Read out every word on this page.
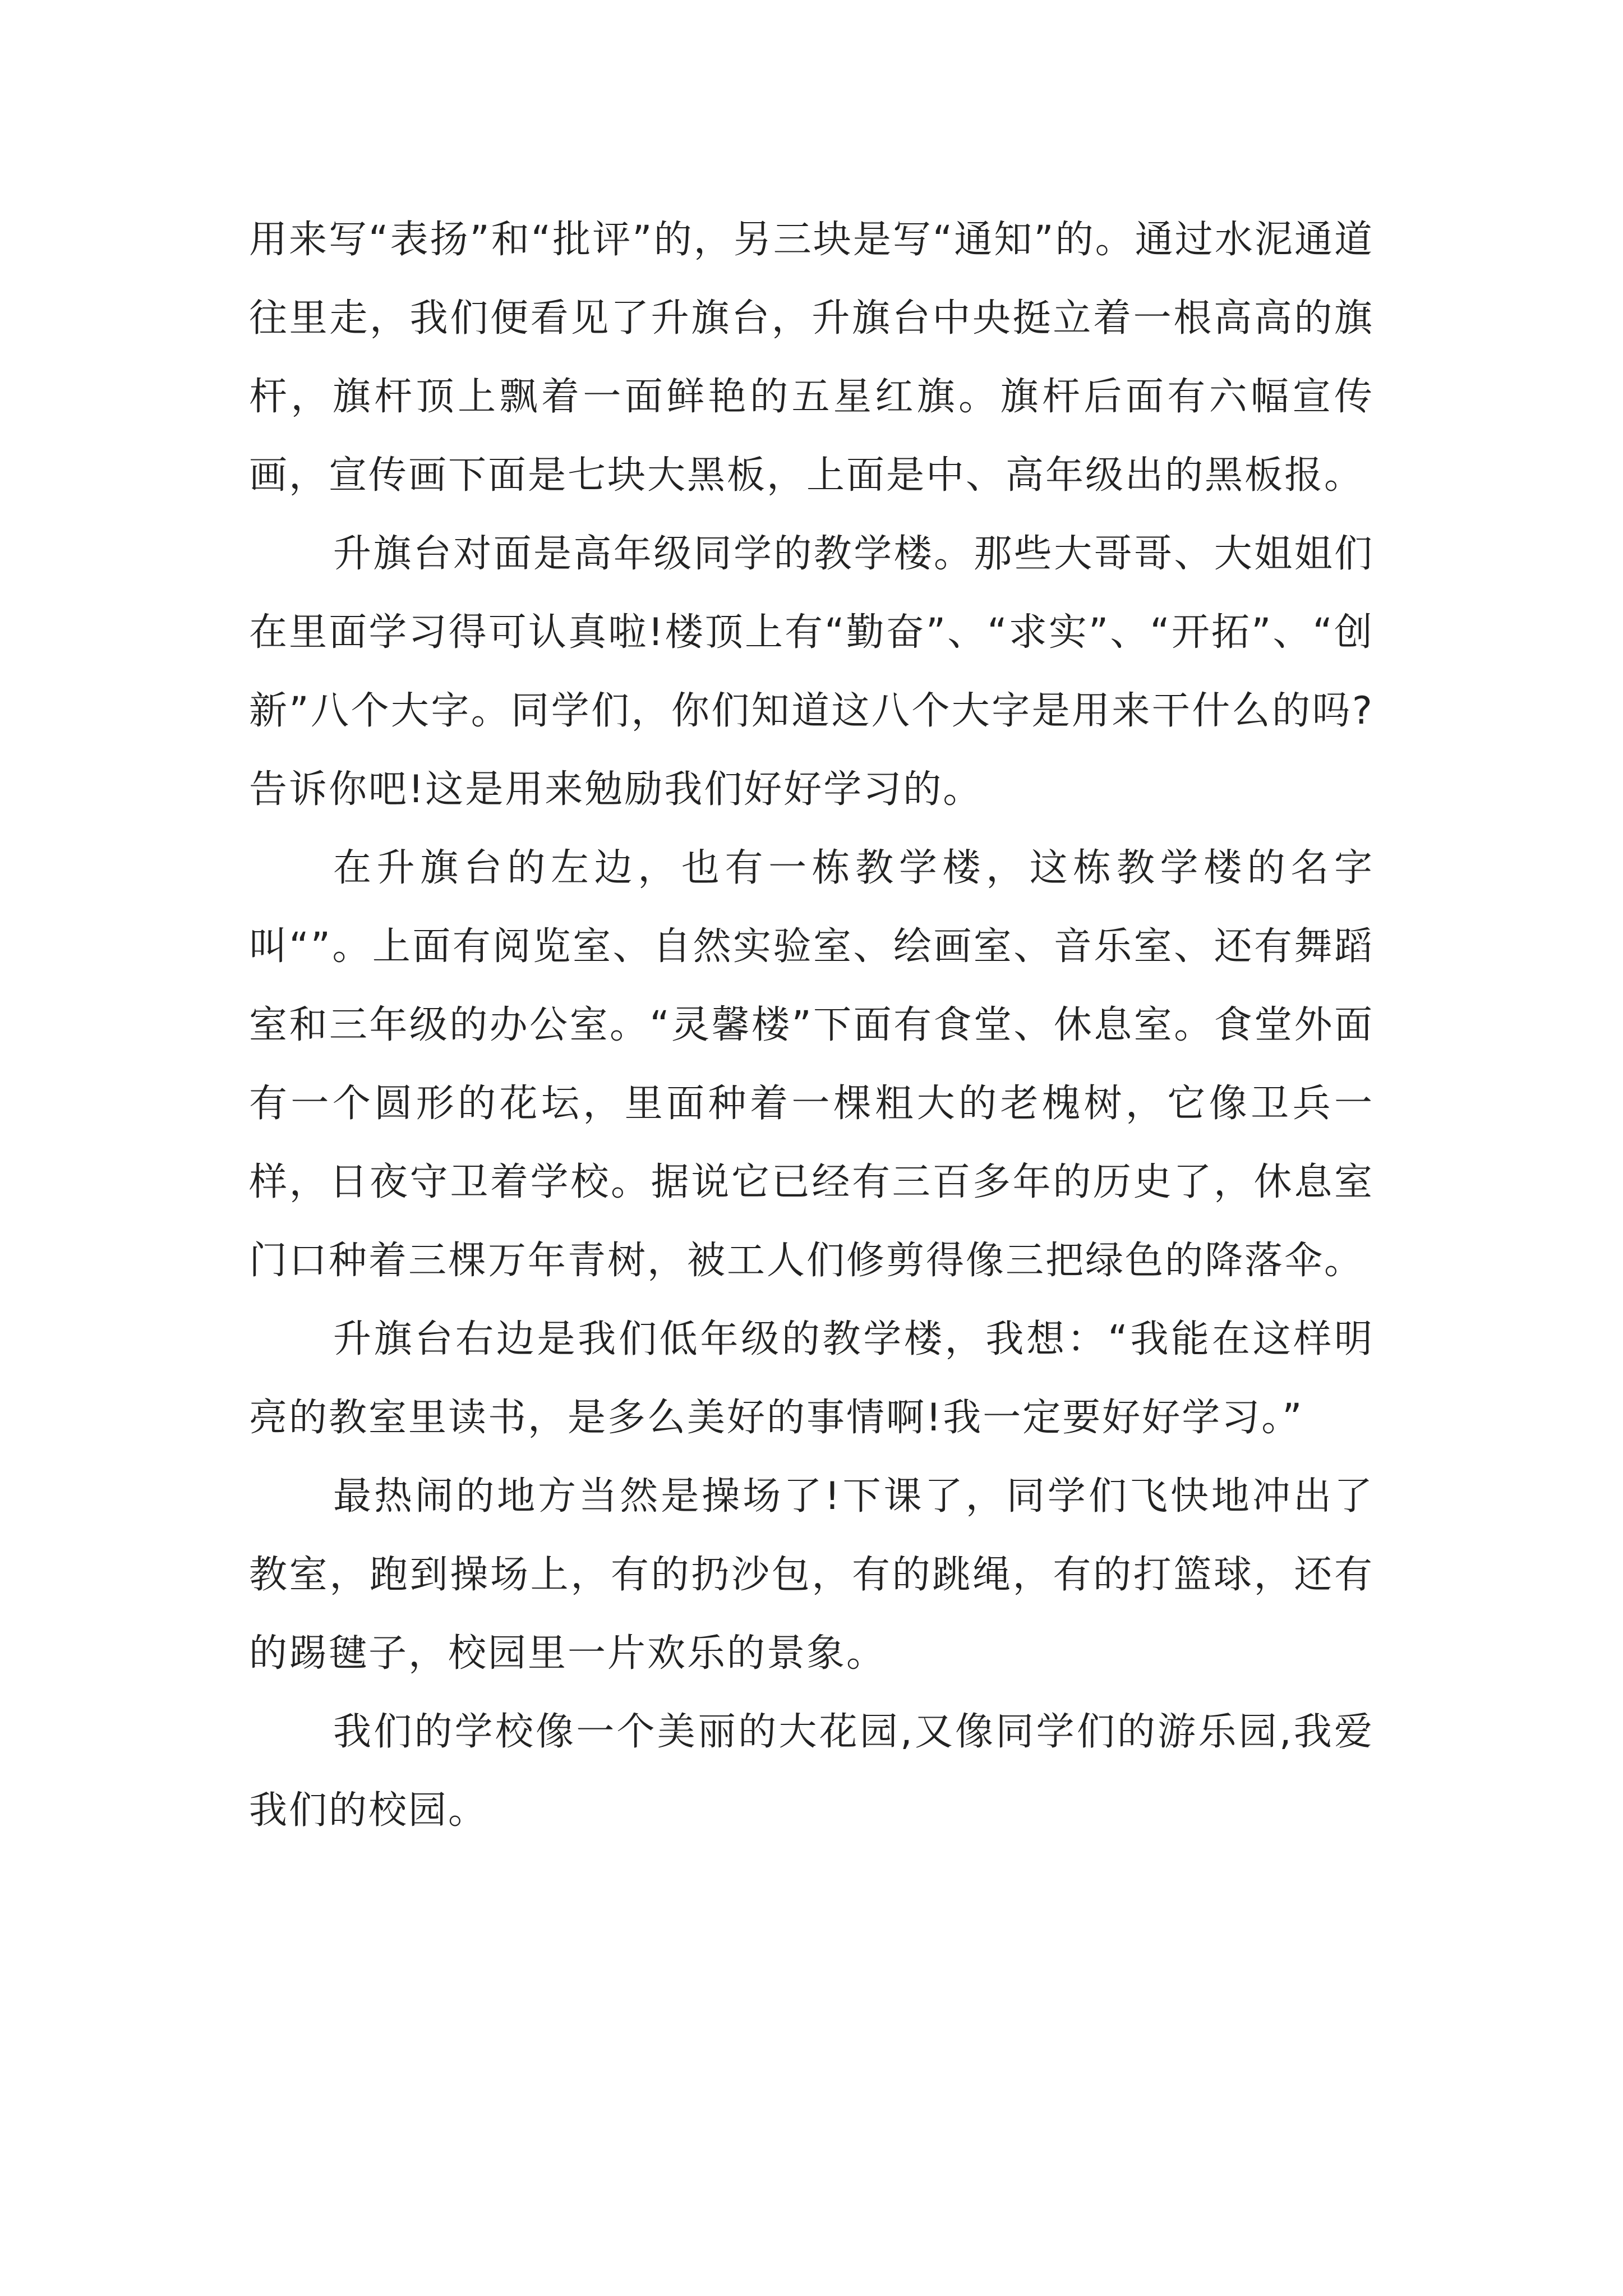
用来写“表扬”和“批评”的，另三块是写“通知”的。通过水泥通道往里走，我们便看见了升旗台，升旗台中央挺立着一根高高的旗杆，旗杆顶上飘着一面鲜艳的五星红旗。旗杆后面有六幅宣传画，宣传画下面是七块大黑板，上面是中、高年级出的黑板报。

升旗台对面是高年级同学的教学楼。那些大哥哥、大姐姐们在里面学习得可认真啦!楼顶上有“勤奋”、“求实”、“开拓”、“创新”八个大字。同学们，你们知道这八个大字是用来干什么的吗?告诉你吧!这是用来勉励我们好好学习的。

在升旗台的左边，也有一栋教学楼，这栋教学楼的名字叫“”。上面有阅览室、自然实验室、绘画室、音乐室、还有舞蹈室和三年级的办公室。“灵馨楼”下面有食堂、休息室。食堂外面有一个圆形的花坛，里面种着一棵粗大的老槐树，它像卫兵一样，日夜守卫着学校。据说它已经有三百多年的历史了，休息室门口种着三棵万年青树，被工人们修剪得像三把绿色的降落伞。

升旗台右边是我们低年级的教学楼，我想：“我能在这样明亮的教室里读书，是多么美好的事情啊!我一定要好好学习。”

最热闹的地方当然是操场了!下课了，同学们飞快地冲出了教室，跑到操场上，有的扔沙包，有的跳绳，有的打篮球，还有的踢毽子，校园里一片欢乐的景象。

我们的学校像一个美丽的大花园,又像同学们的游乐园,我爱我们的校园。
